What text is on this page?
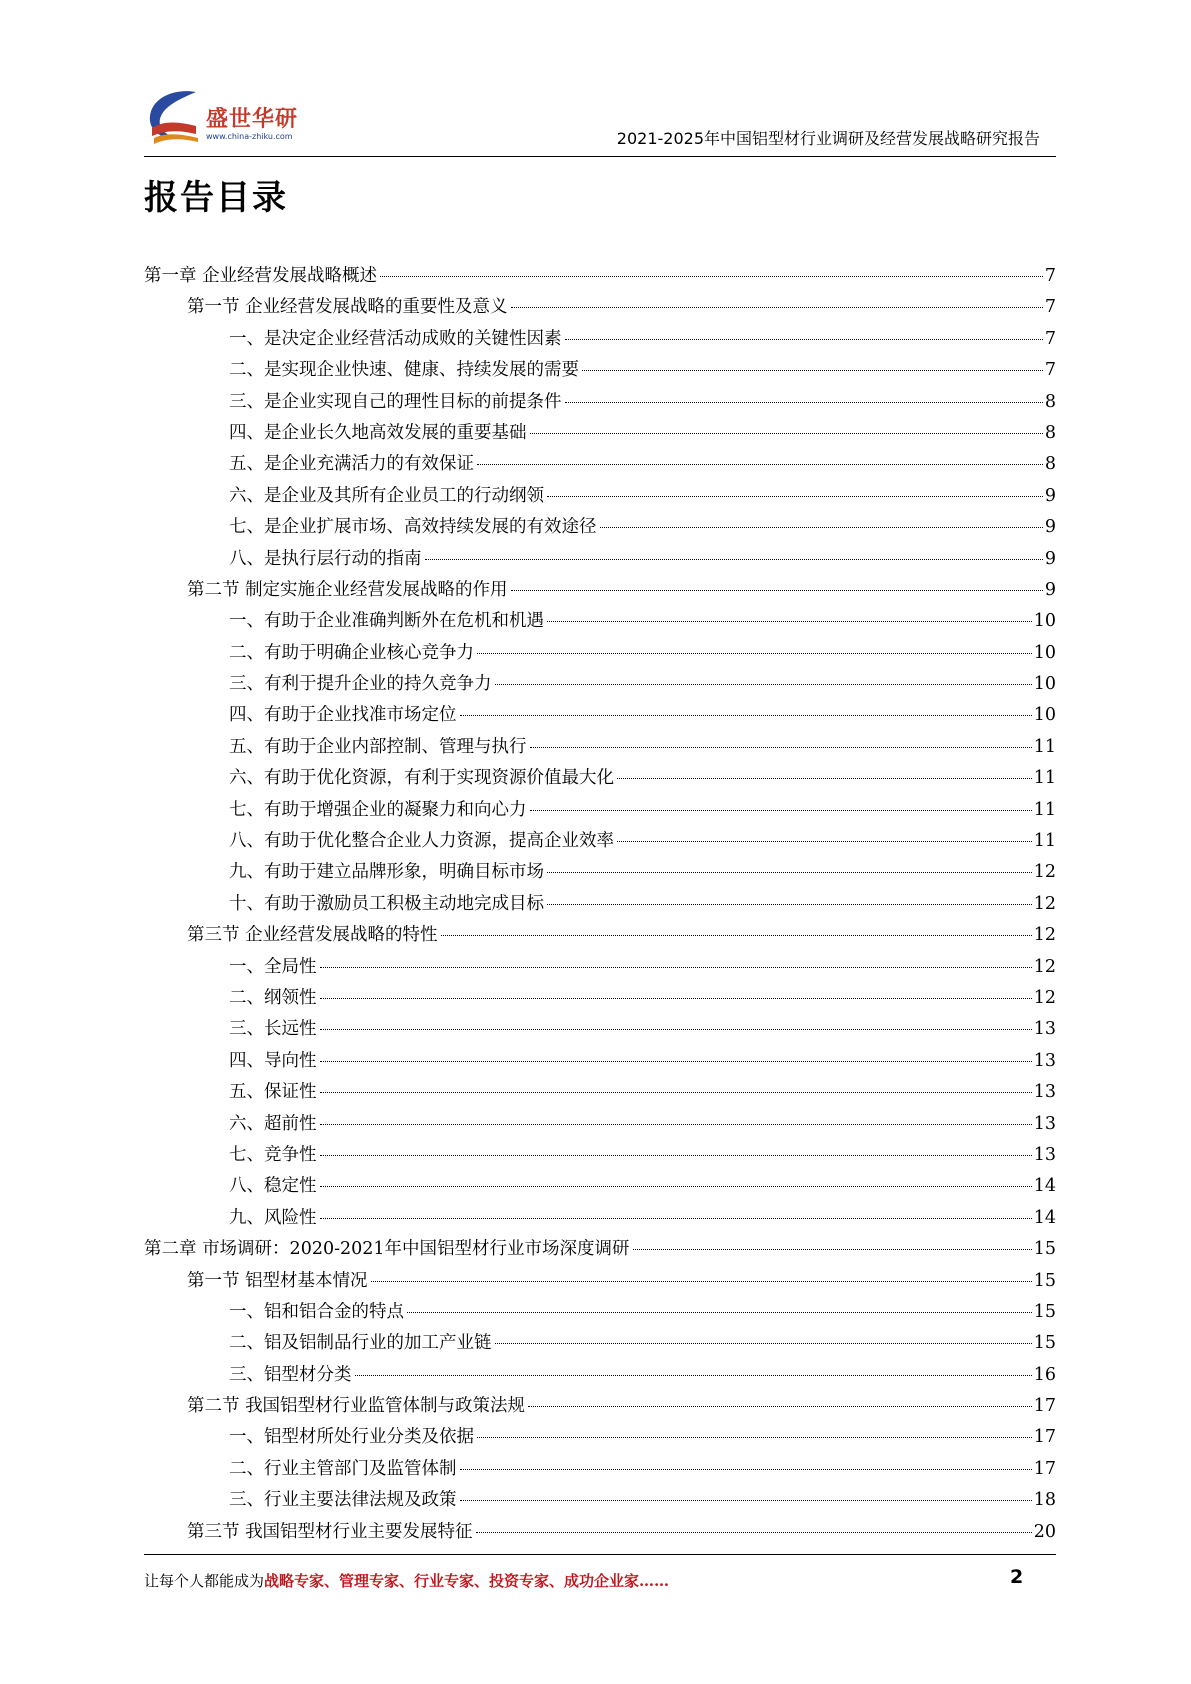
盛世华研
www.china-zhiku.com	2021-2025年中国铝型材行业调研及经营发展战略研究报告
报告目录
第一章 企业经营发展战略概述	7
第一节 企业经营发展战略的重要性及意义	7
一、是决定企业经营活动成败的关键性因素	7
二、是实现企业快速、健康、持续发展的需要	7
三、是企业实现自己的理性目标的前提条件	8
四、是企业长久地高效发展的重要基础	8
五、是企业充满活力的有效保证	8
六、是企业及其所有企业员工的行动纲领	9
七、是企业扩展市场、高效持续发展的有效途径	9
八、是执行层行动的指南	9
第二节 制定实施企业经营发展战略的作用	9
一、有助于企业准确判断外在危机和机遇	10
二、有助于明确企业核心竞争力	10
三、有利于提升企业的持久竞争力	10
四、有助于企业找准市场定位	10
五、有助于企业内部控制、管理与执行	11
六、有助于优化资源，有利于实现资源价值最大化	11
七、有助于增强企业的凝聚力和向心力	11
八、有助于优化整合企业人力资源，提高企业效率	11
九、有助于建立品牌形象，明确目标市场	12
十、有助于激励员工积极主动地完成目标	12
第三节 企业经营发展战略的特性	12
一、全局性	12
二、纲领性	12
三、长远性	13
四、导向性	13
五、保证性	13
六、超前性	13
七、竞争性	13
八、稳定性	14
九、风险性	14
第二章 市场调研：2020-2021年中国铝型材行业市场深度调研	15
第一节 铝型材基本情况	15
一、铝和铝合金的特点	15
二、铝及铝制品行业的加工产业链	15
三、铝型材分类	16
第二节 我国铝型材行业监管体制与政策法规	17
一、铝型材所处行业分类及依据	17
二、行业主管部门及监管体制	17
三、行业主要法律法规及政策	18
第三节 我国铝型材行业主要发展特征	20
让每个人都能成为战略专家、管理专家、行业专家、投资专家、成功企业家……	2
